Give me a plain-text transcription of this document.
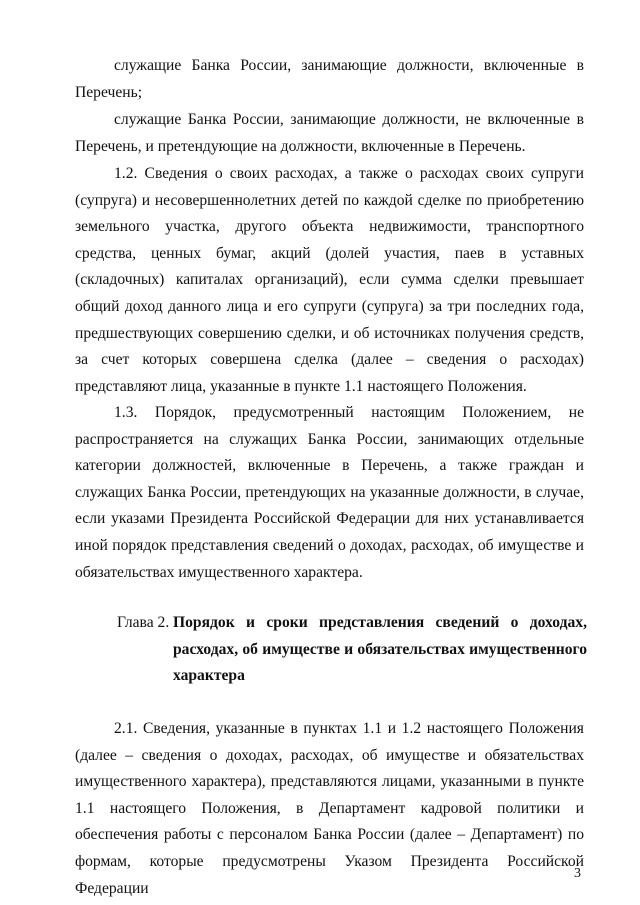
служащие Банка России, занимающие должности, включенные в Перечень;
служащие Банка России, занимающие должности, не включенные в Перечень, и претендующие на должности, включенные в Перечень.
1.2. Сведения о своих расходах, а также о расходах своих супруги (супруга) и несовершеннолетних детей по каждой сделке по приобретению земельного участка, другого объекта недвижимости, транспортного средства, ценных бумаг, акций (долей участия, паев в уставных (складочных) капиталах организаций), если сумма сделки превышает общий доход данного лица и его супруги (супруга) за три последних года, предшествующих совершению сделки, и об источниках получения средств, за счет которых совершена сделка (далее – сведения о расходах) представляют лица, указанные в пункте 1.1 настоящего Положения.
1.3. Порядок, предусмотренный настоящим Положением, не распространяется на служащих Банка России, занимающих отдельные категории должностей, включенные в Перечень, а также граждан и служащих Банка России, претендующих на указанные должности, в случае, если указами Президента Российской Федерации для них устанавливается иной порядок представления сведений о доходах, расходах, об имуществе и обязательствах имущественного характера.
Глава 2. Порядок и сроки представления сведений о доходах, расходах, об имуществе и обязательствах имущественного характера
2.1. Сведения, указанные в пунктах 1.1 и 1.2 настоящего Положения (далее – сведения о доходах, расходах, об имуществе и обязательствах имущественного характера), представляются лицами, указанными в пункте 1.1 настоящего Положения, в Департамент кадровой политики и обеспечения работы с персоналом Банка России (далее – Департамент) по формам, которые предусмотрены Указом Президента Российской Федерации
3
